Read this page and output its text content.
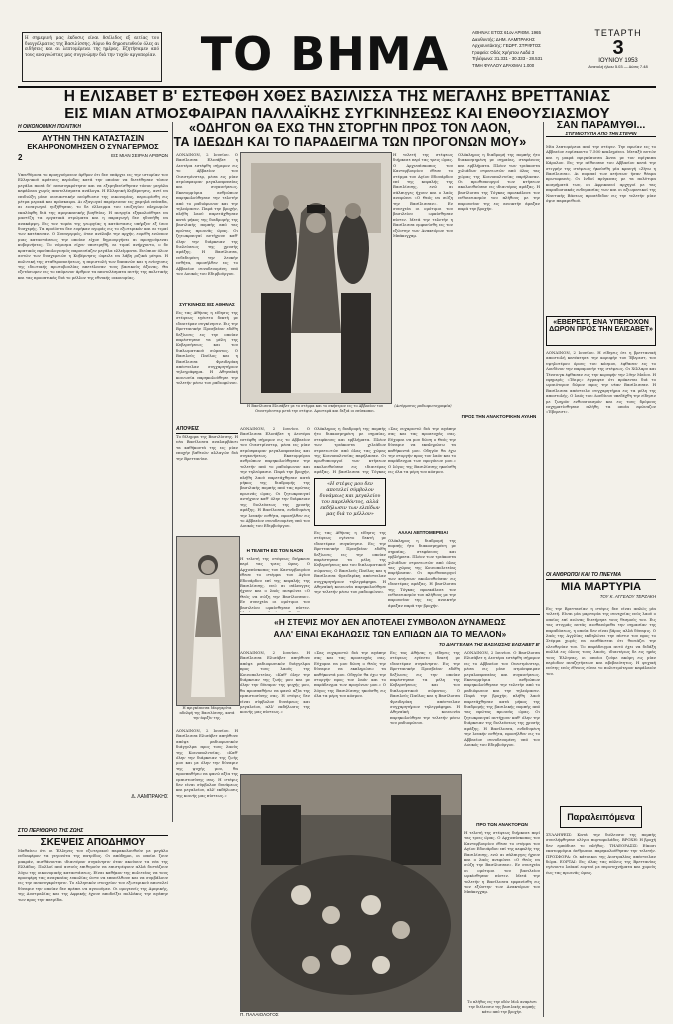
Η σημερινή μας έκδοσις είναι 8σέλιδος εξ αιτίας του διαγγέλματος της Βασιλίσσης. Αύριο θα δημοσιευθούν όλες αι ειδήσεις και αι λεπτομέρειαι της ημέρας. Εζητήσαμεν από τους αναγνώστας μας συγγνώμην διά την τυχόν αργοπορίαν. ΤΟ ΒΗΜΑ	ΑΘΗΝΑΙ: ΕΤΟΣ 61ον ΑΡΙΘΜ. 1965
Διευθυντής: ΔΗΜ. ΛΑΜΠΡΑΚΗΣ
Αρχισυντάκτης: ΓΕΩΡΓ. ΣΤΡΙΦΤΟΣ
Γραφεία: Οδός Χρήστου Λαδά 3
Τηλέφωνα: 31.331 - 30.333 - 28.531
ΤΙΜΗ ΦΥΛΛΟΥ ΔΡΑΧΜΑΙ 1.000
ΤΕΤΑΡΤΗ
3
ΙΟΥΝΙΟΥ 1953
Ανατολή ήλιου 5.03 — Δύσις 7.48
Η ΕΛΙΣΑΒΕΤ Β' ΕΣΤΕΦΘΗ ΧΘΕΣ ΒΑΣΙΛΙΣΣΑ ΤΗΣ ΜΕΓΑΛΗΣ ΒΡΕΤΤΑΝΙΑΣ
ΕΙΣ ΜΙΑΝ ΑΤΜΟΣΦΑΙΡΑΝ ΠΑΛΛΑΪΚΗΣ ΣΥΓΚΙΝΗΣΕΩΣ ΚΑΙ ΕΝΘΟΥΣΙΑΣΜΟΥ
«ΟΔΗΓΟΝ ΘΑ ΕΧΩ ΤΗΝ ΣΤΟΡΓΗΝ ΠΡΟΣ ΤΟΝ ΛΑΟΝ,
ΤΑ ΙΔΕΩΔΗ ΚΑΙ ΤΟ ΠΑΡΑΔΕΙΓΜΑ ΤΩΝ ΠΡΟΓΟΝΩΝ ΜΟΥ»
Η ΟΙΚΟΝΟΜΙΚΗ ΠΟΛΙΤΙΚΗ
ΑΥΤΗΝ ΤΗΝ ΚΑΤΑΣΤΑΣΙΝ
ΕΚΑΗΡΟΝΟΜΗΣΕΝ Ο ΣΥΝΑΓΕΡΜΟΣ
2	ΕΙΣ ΜΙΑΝ ΣΕΙΡΑΝ ΑΡΘΡΩΝ
Υπενθύμισα το προηγούμενον άρθρον ότι δεν υπάρχει εις την ιστορίαν του Ελληνικού κράτους περίοδος κατά την οποίαν να διετέθησαν τόσον μεγάλα ποσά δι' ανασυγκρότησιν και να εξεμηδενίσθησαν τόσον μεγάλα κεφάλαια χωρίς αποτελέσματα ανάλογα. Η Ελληνική Κυβέρνησις, αντί να επιδιώξη μίαν ουσιαστικήν ανόρθωσιν της οικονομίας, περιωρίσθη εις μέτρα μερικά και πρόσκαιρα. Αι εξαγωγαί παρέμειναν εις χαμηλά επίπεδα, αι εισαγωγαί ηυξήθησαν, το δε έλλειμμα του ισοζυγίου πληρωμών εκαλύφθη διά της αμερικανικής βοηθείας. Η ανεργία εξηκολούθησε να μαστίζη τα εργατικά στρώματα και η παραγωγή δεν ηδυνήθη να ανακάμψη. Εις τον τομέα της γεωργίας η κατάστασις υπήρξεν εξ ίσου δυσχερής. Τα προϊόντα δεν ευρήκαν αγοράς εις το εξωτερικόν και αι τιμαί των κατέπεσαν. Ο Συναγερμός, όταν ανέλαβε την αρχήν, ευρέθη ενώπιον μιας καταστάσεως την οποίαν είχον δημιουργήσει αι προηγούμεναι κυβερνήσεις. Το νόμισμα είχεν υποτιμηθή, αι τιμαί ανήρχοντο, ο δε κρατικός προϋπολογισμός παρουσίαζεν μεγάλα ελλείμματα. Ενώπιον όλων αυτών των δυσχερειών η Κυβέρνησις ώφειλε να λάβη ριζικά μέτρα. Η πολιτική της σταθεροποιήσεως, η περιστολή των δαπανών και η ενίσχυσις της ιδιωτικής πρωτοβουλίας απετέλεσαν τους βασικούς άξονας. Θα εξετάσωμεν εις το επόμενον άρθρον τα αποτελέσματα αυτής της πολιτικής και τας προοπτικάς διά το μέλλον της εθνικής οικονομίας.
Δ. ΛΑΜΠΡΑΚΗΣ
ΣΤΟ ΠΕΡΙΘΩΡΙΟ ΤΗΣ ΖΩΗΣ
ΣΚΕΨΕΙΣ ΑΠΟΔΗΜΟΥ
Μαθαίνω ότι οι Έλληνες του εξωτερικού παρακολουθούν με μεγάλο ενδιαφέρον τα γεγονότα της πατρίδος. Οι απόδημοι, οι οποίοι ζουν μακράν, αισθάνονται ιδιαιτέραν συγκίνησιν όταν ακούουν τα νέα της Ελλάδος. Πολλοί από αυτούς επιθυμούν να επιστρέψουν αλλά διστάζουν λόγω της οικονομικής καταστάσεως. Είναι καθήκον της πολιτείας να τους προσφέρη τας αναγκαίας ευκολίας ώστε να επανέλθουν και να συμβάλουν εις την ανασυγκρότησιν. Το ελληνικόν στοιχείον του εξωτερικού αποτελεί δύναμιν την οποίαν δεν πρέπει να αγνοούμεν. Οι ομογενείς της Αμερικής, της Αυστραλίας και της Αφρικής έχουν αποδείξει πολλάκις την αγάπην των προς την πατρίδα.
ΛΟΝΔΙΝΟΝ, 2 Ιουνίου. Ο Βασίλισσα Ελισάβετ η Δευτέρα εστέφθη σήμερον εις το Αββαείον του Ουεστμίνστερ, μέσα εις μίαν ατμόσφαιραν μεγαλοπρεπείας και συγκινήσεως. Εκατομμύρια ανθρώπων παρηκολούθησαν την τελετήν από το ραδιόφωνον και την τηλεόρασιν. Παρά την βροχήν, πλήθη λαού παρετάχθησαν κατά μήκος της διαδρομής της βασιλικής πομπής από τας πρώτας πρωινάς ώρας. Οι ζητωκραυγαί αντήχουν καθ' όλην την διάρκειαν της διελεύσεως της χρυσής αμάξης. Η Βασίλισσα, ενδεδυμένη την λευκήν εσθήτα, προσήλθεν εις το Αββαείον συνοδευομένη υπό του Δουκός του Εδιμβούργου.
Η τελετή της στέψεως διήρκεσε περί τας τρεις ώρας. Ο Αρχιεπίσκοπος του Καντερβουρίου έθεσε το στέμμα του Αγίου Εδουάρδου επί της κεφαλής της Βασιλίσσης, ενώ αι σάλπιγγες ήχουν και ο λαός ανεφώνει «Ο Θεός να σώζη την Βασίλισσαν». Εν συνεχεία οι ομότιμοι του βασιλείου ωρκίσθησαν πίστιν. Μετά την τελετήν η Βασίλισσα εμφανίσθη εις τον εξώστην των Ανακτόρων του Μπάκιγχαμ.
Η Βασίλισσα Ελισάβετ με το στέμμα και το σκήπτρον εις το Αββαείον του Ουεστμίνστερ μετά την στέψιν. Αριστερά και δεξιά οι επίσκοποι.
(Ασύρματος ραδιοφωτογραφία)
ΣΥΓΚΙΝΗΣΙΣ ΕΙΣ ΑΘΗΝΑΣ
Εις τας Αθήνας η είδησις της στέψεως εγένετο δεκτή με ιδιαιτέραν συγκίνησιν. Εις την Βρεττανικήν Πρεσβείαν εδόθη δεξίωσις εις την οποίαν παρέστησαν τα μέλη της Κυβερνήσεως και του διπλωματικού σώματος. Ο Βασιλεύς Παύλος και η Βασίλισσα Φρειδερίκη απέστειλαν συγχαρητήριον τηλεγράφημα. Η Αθηναϊκή κοινωνία παρηκολούθησε την τελετήν μέσω του ραδιοφώνου.
ΛΟΝΔΙΝΟΝ, 2 Ιουνίου. Ο Βασίλισσα Ελισάβετ η Δευτέρα εστέφθη σήμερον εις το Αββαείον του Ουεστμίνστερ, μέσα εις μίαν ατμόσφαιραν μεγαλοπρεπείας και συγκινήσεως. Εκατομμύρια ανθρώπων παρηκολούθησαν την τελετήν από το ραδιόφωνον και την τηλεόρασιν. Παρά την βροχήν, πλήθη λαού παρετάχθησαν κατά μήκος της διαδρομής της βασιλικής πομπής από τας πρώτας πρωινάς ώρας. Οι ζητωκραυγαί αντήχουν καθ' όλην την διάρκειαν της διελεύσεως της χρυσής αμάξης. Η Βασίλισσα, ενδεδυμένη την λευκήν εσθήτα, προσήλθεν εις το Αββαείον συνοδευομένη υπό του Δουκός του Εδιμβούργου.
Η ΤΕΛΕΤΗ ΕΙΣ ΤΟΝ ΝΑΟΝ
Η τελετή της στέψεως διήρκεσε περί τας τρεις ώρας. Ο Αρχιεπίσκοπος του Καντερβουρίου έθεσε το στέμμα του Αγίου Εδουάρδου επί της κεφαλής της Βασιλίσσης, ενώ αι σάλπιγγες ήχουν και ο λαός ανεφώνει «Ο Θεός να σώζη την Βασίλισσαν». Εν συνεχεία οι ομότιμοι του βασιλείου ωρκίσθησαν πίστιν.
«Η στέψις μου δεν αποτελεί σύμβολον δυνάμεως και μεγαλείου του παρελθόντος, αλλά εκδήλωσιν των ελπίδων μας διά το μέλλον»
Ολόκληρος η διαδρομή της πομπής ήτο διακοσμημένη με σημαίας, στεφάνους και εμβλήματα. Πλέον των τριάκοντα χιλιάδων στρατιωτών από όλας τας χώρας της Κοινοπολιτείας παρήλασαν. Οι πρωθυπουργοί των κτήσεων ακολουθούσαν εις ιδιαιτέρας αμάξας. Η βασίλισσα της Τόγκας
ΑΛΛΑΙ ΛΕΠΤΟΜΕΡΕΙΑΙ
Εις τας Αθήνας η είδησις της στέψεως εγένετο δεκτή με ιδιαιτέραν συγκίνησιν. Εις την Βρεττανικήν Πρεσβείαν εδόθη δεξίωσις εις την οποίαν παρέστησαν τα μέλη της Κυβερνήσεως και του διπλωματικού σώματος. Ο Βασιλεύς Παύλος και η Βασίλισσα Φρειδερίκη απέστειλαν συγχαρητήριον τηλεγράφημα. Η Αθηναϊκή κοινωνία παρηκολούθησε την τελετήν μέσω του ραδιοφώνου.
«Σας ευχαριστώ διά την αγάπην σας και τας προσευχάς σας. Εύχομαι να μου δώση ο Θεός την δύναμιν να εκπληρώσω τα καθήκοντά μου. Οδηγόν θα έχω την στοργήν προς τον λαόν και το παράδειγμα των προγόνων μου.» Ο λόγος της Βασιλίσσης ηκούσθη εις όλα τα μέρη του κόσμου.
Ολόκληρος η διαδρομή της πομπής ήτο διακοσμημένη με σημαίας, στεφάνους και εμβλήματα. Πλέον των τριάκοντα χιλιάδων στρατιωτών από όλας τας χώρας της Κοινοπολιτείας παρήλασαν. Οι πρωθυπουργοί των κτήσεων ακολουθούσαν εις ιδιαιτέρας αμάξας. Η βασίλισσα της Τόγκας προεκάλεσε τον ενθουσιασμόν του πλήθους με την παρουσίαν της εις ανοικτήν άμαξαν παρά την βροχήν.
ΑΠΟΨΕΙΣ
Το δίλημμα της Βασιλίσσης. Η νέα Βασίλισσα αναλαμβάνει τα καθήκοντά της εις μίαν εποχήν βαθειών αλλαγών διά την Βρεττανίαν.
Η πριγκίπισσα Μαργαρίτα αδελφή της Βασιλίσσης, κατά την άφιξίν της.
ΛΟΝΔΙΝΟΝ, 2 Ιουνίου. Η Βασίλισσα Ελισάβετ απηύθυνε απόψε ραδιοφωνικόν διάγγελμα προς τους λαούς της Κοινοπολιτείας. «Καθ' όλην την διάρκειαν της ζωής μου και με όλην την δύναμιν της ψυχής μου, θα προσπαθήσω να φανώ αξία της εμπιστοσύνης σας. Η στέψις δεν είναι σύμβολον δυνάμεως και μεγαλείου, αλλ' εκδήλωσις της κοινής μας πίστεως.»
«Η ΣΤΕΨΙΣ ΜΟΥ ΔΕΝ ΑΠΟΤΕΛΕΙ ΣΥΜΒΟΛΟΝ ΔΥΝΑΜΕΩΣ
ΑΛΛ' ΕΙΝΑΙ ΕΚΔΗΛΩΣΙΣ ΤΩΝ ΕΛΠΙΔΩΝ ΔΙΑ ΤΟ ΜΕΛΛΟΝ»
ΤΟ ΔΙΑΓΓΕΛΜΑ ΤΗΣ ΒΑΣΙΛΙΣΣΗΣ ΕΛΙΣΑΒΕΤ Β'
ΛΟΝΔΙΝΟΝ, 2 Ιουνίου. Η Βασίλισσα Ελισάβετ απηύθυνε απόψε ραδιοφωνικόν διάγγελμα προς τους λαούς της Κοινοπολιτείας. «Καθ' όλην την διάρκειαν της ζωής μου και με όλην την δύναμιν της ψυχής μου, θα προσπαθήσω να φανώ αξία της εμπιστοσύνης σας. Η στέψις δεν είναι σύμβολον δυνάμεως και μεγαλείου, αλλ' εκδήλωσις της κοινής μας πίστεως.»
«Σας ευχαριστώ διά την αγάπην σας και τας προσευχάς σας. Εύχομαι να μου δώση ο Θεός την δύναμιν να εκπληρώσω τα καθήκοντά μου. Οδηγόν θα έχω την στοργήν προς τον λαόν και το παράδειγμα των προγόνων μου.» Ο λόγος της Βασιλίσσης ηκούσθη εις όλα τα μέρη του κόσμου.
Εις τας Αθήνας η είδησις της στέψεως εγένετο δεκτή με ιδιαιτέραν συγκίνησιν. Εις την Βρεττανικήν Πρεσβείαν εδόθη δεξίωσις εις την οποίαν παρέστησαν τα μέλη της Κυβερνήσεως και του διπλωματικού σώματος. Ο Βασιλεύς Παύλος και η Βασίλισσα Φρειδερίκη απέστειλαν συγχαρητήριον τηλεγράφημα. Η Αθηναϊκή κοινωνία παρηκολούθησε την τελετήν μέσω του ραδιοφώνου.
ΛΟΝΔΙΝΟΝ, 2 Ιουνίου. Ο Βασίλισσα Ελισάβετ η Δευτέρα εστέφθη σήμερον εις το Αββαείον του Ουεστμίνστερ, μέσα εις μίαν ατμόσφαιραν μεγαλοπρεπείας και συγκινήσεως. Εκατομμύρια ανθρώπων παρηκολούθησαν την τελετήν από το ραδιόφωνον και την τηλεόρασιν. Παρά την βροχήν, πλήθη λαού παρετάχθησαν κατά μήκος της διαδρομής της βασιλικής πομπής από τας πρώτας πρωινάς ώρας. Οι ζητωκραυγαί αντήχουν καθ' όλην την διάρκειαν της διελεύσεως της χρυσής αμάξης. Η Βασίλισσα, ενδεδυμένη την λευκήν εσθήτα, προσήλθεν εις το Αββαείον συνοδευομένη υπό του Δουκός του Εδιμβούργου.
Π. ΠΑΛΑΙΟΛΟΓΟΣ
Το πλήθος εις την οδόν Μολ αναμένει την διέλευσιν της βασιλικής πομπής κάτω από την βροχήν.
ΠΡΟ ΤΩΝ ΑΝΑΚΤΟΡΩΝ
Η τελετή της στέψεως διήρκεσε περί τας τρεις ώρας. Ο Αρχιεπίσκοπος του Καντερβουρίου έθεσε το στέμμα του Αγίου Εδουάρδου επί της κεφαλής της Βασιλίσσης, ενώ αι σάλπιγγες ήχουν και ο λαός ανεφώνει «Ο Θεός να σώζη την Βασίλισσαν». Εν συνεχεία οι ομότιμοι του βασιλείου ωρκίσθησαν πίστιν. Μετά την τελετήν η Βασίλισσα εμφανίσθη εις τον εξώστην των Ανακτόρων του Μπάκιγχαμ.
Ολόκληρος η διαδρομή της πομπής ήτο διακοσμημένη με σημαίας, στεφάνους και εμβλήματα. Πλέον των τριάκοντα χιλιάδων στρατιωτών από όλας τας χώρας της Κοινοπολιτείας παρήλασαν. Οι πρωθυπουργοί των κτήσεων ακολουθούσαν εις ιδιαιτέρας αμάξας. Η βασίλισσα της Τόγκας προεκάλεσε τον ενθουσιασμόν του πλήθους με την παρουσίαν της εις ανοικτήν άμαξαν παρά την βροχήν.
ΠΡΟΣ ΤΗΝ ΑΝΑΚΤΟΡΙΚΗΝ ΑΥΛΗΝ
ΣΑΝ ΠΑΡΑΜΥΘΙ...
ΣΤΙΓΜΙΟΤΥΠΑ ΑΠΟ ΤΗΝ ΣΤΕΨΙΝ
Μία λεπτομέρεια από την στέψιν. Την πρωίαν εις το Αββαείον ευρίσκοντο 7.500 κεκλημένοι. Μεταξύ αυτών και η μικρά πριγκίπισσα Άννα με τον πρίγκιπα Κάρολον. Εις την αίθουσαν του Αββαείου κατά την στιγμήν της στέψεως ήκούσθη μία κραυγή «Ζήτω η Βασίλισσα». Αι πομπαί των κτήσεων ήσαν θέαμα πρωτοφανές. Οι Ινδοί πρίγκιπες με τα πολύτιμα κοσμήματά των, οι Αφρικανοί αρχηγοί με τας παραδοσιακάς ενδυμασίας των και οι αξιωματικοί της Ναυτικής Βάσεως προσέδιδον εις την τελετήν μίαν όψιν παραμυθιού.
«ΕΒΕΡΕΣΤ, ΕΝΑ ΥΠΕΡΟΧΟΝ ΔΩΡΟΝ ΠΡΟΣ ΤΗΝ ΕΛΙΣΑΒΕΤ»
ΛΟΝΔΙΝΟΝ, 2 Ιουνίου. Η είδησις ότι η βρεττανική αποστολή κατέκτησε την κορυφήν του Έβερεστ, του υψηλοτέρου όρους του κόσμου, έφθασεν εις το Λονδίνον την παραμονήν της στέψεως. Οι Χίλλαρυ και Τένσινγκ έφθασαν εις την κορυφήν την 29ην Μαΐου. Η εφημερίς «Τάιμς» έγραψεν ότι πρόκειται διά το ωραιότερον δώρον προς την νέαν Βασίλισσαν. Η Βασίλισσα απέστειλε συγχαρητήρια εις τα μέλη της αποστολής. Ο λαός του Λονδίνου υπεδέχθη την είδησιν με ζωηρόν ενθουσιασμόν και εις τους δρόμους εσχηματίσθησαν πλήθη τα οποία εφώναζον «Έβερεστ».
ΟΙ ΑΝΘΡΩΠΟΙ ΚΑΙ ΤΟ ΠΝΕΥΜΑ
ΜΙΑ ΜΑΡΤΥΡΙΑ
ΤΟΥ Κ. ΑΓΓΕΛΟΥ ΤΕΡΖΑΚΗ
Εις την Βρεττανίαν η στέψις δεν είναι απλώς μία τελετή. Είναι μία μαρτυρία της συνεχείας ενός λαού ο οποίος επί αιώνας διετήρησε τους θεσμούς του. Εις τας στιγμάς αυτάς αισθανόμεθα την σημασίαν της παραδόσεως, η οποία δεν είναι βάρος αλλά δύναμις. Ο λαός της Αγγλίας εκδηλώνει την πίστιν του προς το Στέμμα χωρίς να αισθάνεται ότι θυσιάζει την ελευθερίαν του. Το παράδειγμα αυτό έχει να διδάξη πολλά εις όλους τους λαούς, ιδιαιτέρως δε εις ημάς τους Έλληνας, οι οποίοι ζούμε ακόμη εις μίαν περίοδον αναζητήσεων και αβεβαιότητος. Η ψυχική ενότης ενός έθνους είναι το πολυτιμότερον κεφάλαιόν του.
Παραλειπόμενα
ΣΥΛΛΗΨΕΙΣ: Κατά την διέλευσιν της πομπής συνελήφθησαν ολίγοι πορτοφολάδες. ΒΡΟΧΗ: Η βροχή δεν εμπόδισε το πλήθος. ΤΗΛΕΟΡΑΣΙΣ: Είκοσι εκατομμύρια άνθρωποι παρηκολούθησαν την τελετήν. ΠΡΟΣΦΟΡΑ: Οι κάτοικοι της Αυστραλίας απέστειλαν δώρα. ΕΟΡΤΑΙ: Εις όλας τας πόλεις της Βρεττανίας εγένοντο λαϊκαί εορταί με πυροτεχνήματα και χορούς έως τας πρωινάς ώρας.
